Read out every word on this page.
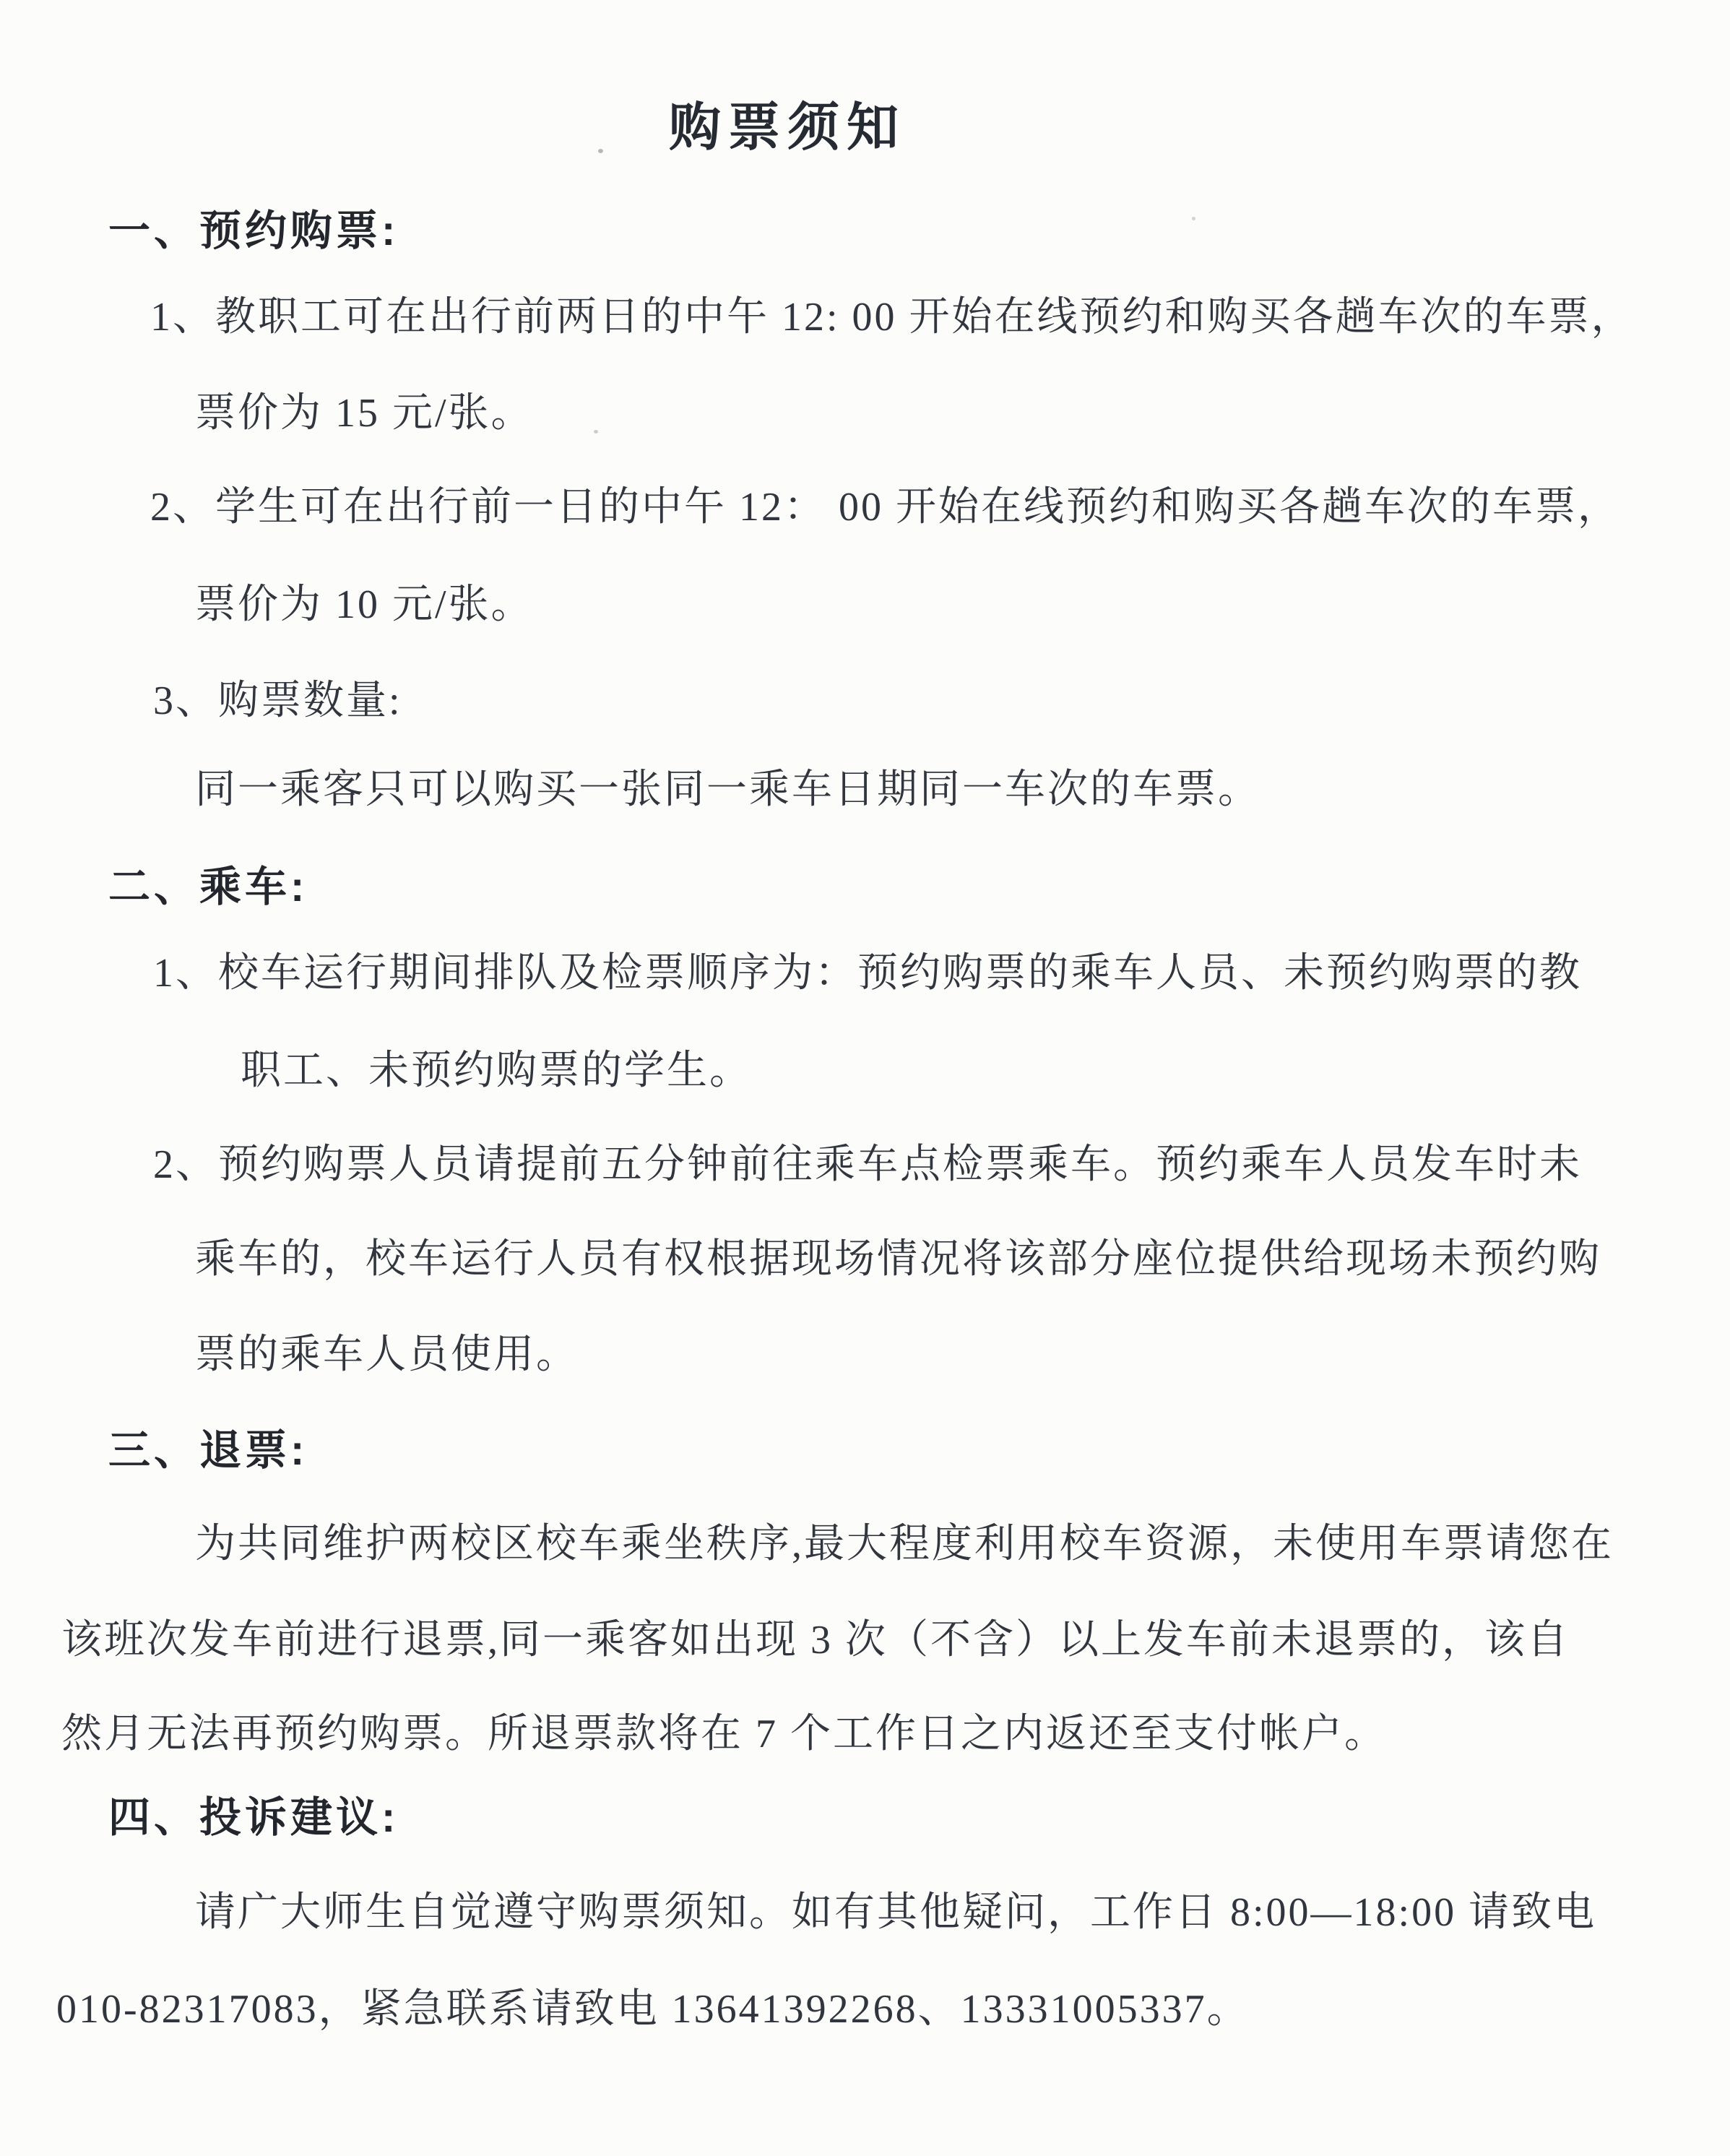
购票须知
一、预约购票:
1、教职工可在出行前两日的中午 12: 00 开始在线预约和购买各趟车次的车票，
票价为 15 元/张。
2、学生可在出行前一日的中午 12： 00 开始在线预约和购买各趟车次的车票，
票价为 10 元/张。
3、购票数量:
同一乘客只可以购买一张同一乘车日期同一车次的车票。
二、乘车:
1、校车运行期间排队及检票顺序为：预约购票的乘车人员、未预约购票的教
职工、未预约购票的学生。
2、预约购票人员请提前五分钟前往乘车点检票乘车。预约乘车人员发车时未
乘车的，校车运行人员有权根据现场情况将该部分座位提供给现场未预约购
票的乘车人员使用。
三、退票:
为共同维护两校区校车乘坐秩序,最大程度利用校车资源，未使用车票请您在
该班次发车前进行退票,同一乘客如出现 3 次（不含）以上发车前未退票的，该自
然月无法再预约购票。所退票款将在 7 个工作日之内返还至支付帐户。
四、投诉建议:
请广大师生自觉遵守购票须知。如有其他疑问，工作日 8:00—18:00 请致电
010-82317083，紧急联系请致电 13641392268、13331005337。
